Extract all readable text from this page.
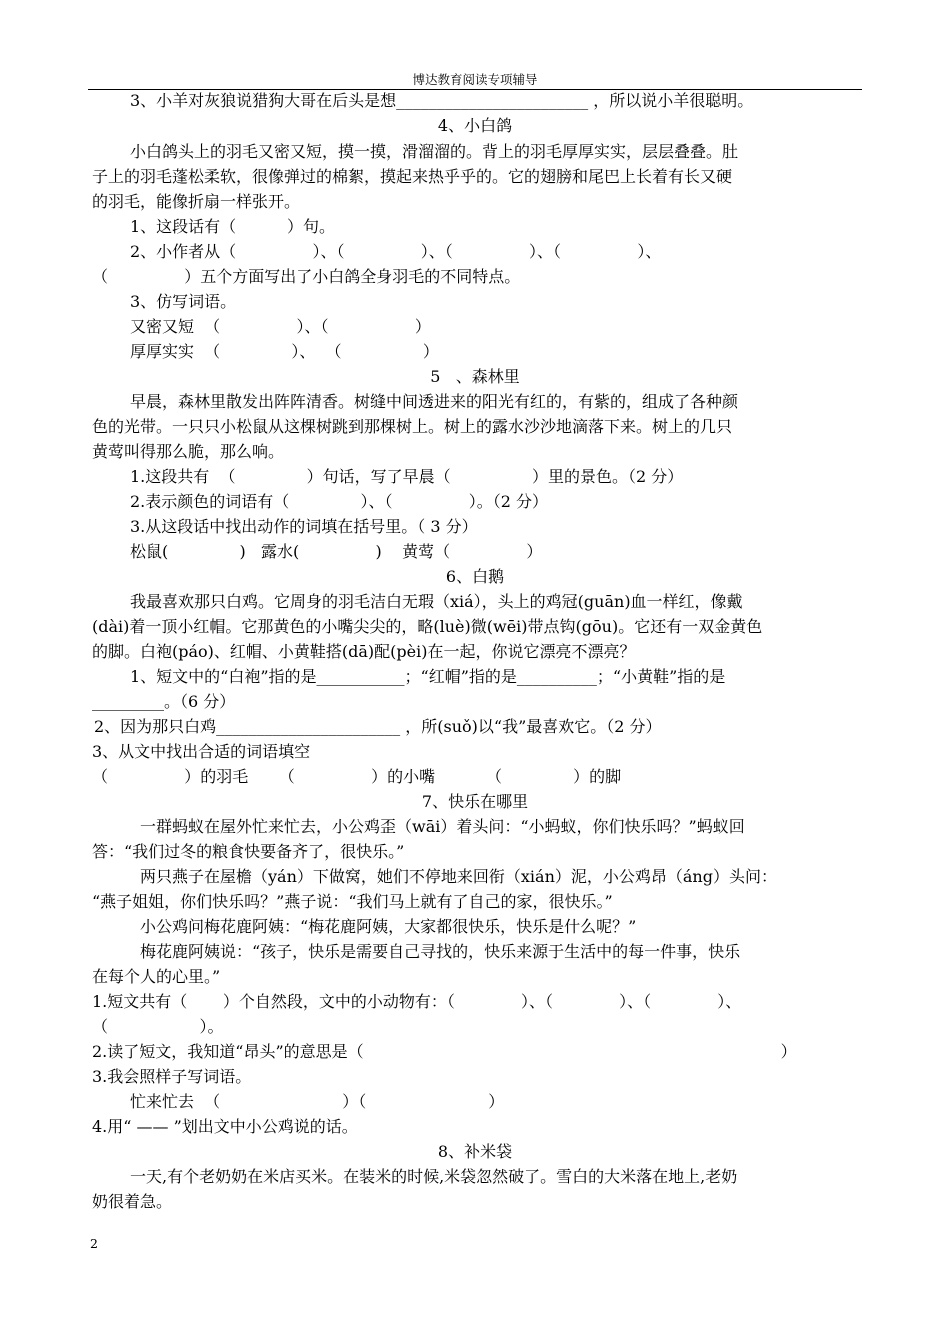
博达教育阅读专项辅导
3、小羊对灰狼说猎狗大哥在后头是想________________________ ，所以说小羊很聪明。
4、小白鸽
小白鸽头上的羽毛又密又短，摸一摸，滑溜溜的。背上的羽毛厚厚实实，层层叠叠。肚
子上的羽毛蓬松柔软，很像弹过的棉絮，摸起来热乎乎的。它的翅膀和尾巴上长着有长又硬
的羽毛，能像折扇一样张开。
1、这段话有（          ）句。
2、小作者从（               ）、（               ）、（               ）、（               ）、
（               ）五个方面写出了小白鸽全身羽毛的不同特点。
3、仿写词语。
又密又短  （               ）、（                 ）
厚厚实实  （              ）、  （                ）
5   、森林里
早晨，森林里散发出阵阵清香。树缝中间透进来的阳光有红的，有紫的，组成了各种颜
色的光带。一只只小松鼠从这棵树跳到那棵树上。树上的露水沙沙地滴落下来。树上的几只
黄莺叫得那么脆，那么响。
1.这段共有  （              ）句话，写了早晨（                ）里的景色。（2 分）
2.表示颜色的词语有（              ）、（               ）。（2 分）
3.从这段话中找出动作的词填在括号里。（ 3 分）
松鼠(              )   露水(               )    黄莺（               ）
6、白鹅
我最喜欢那只白鸡。它周身的羽毛洁白无瑕（xiá），头上的鸡冠(guān)血一样红，像戴
(dài)着一顶小红帽。它那黄色的小嘴尖尖的，略(luè)微(wēi)带点钩(gōu)。它还有一双金黄色
的脚。白袍(páo)、红帽、小黄鞋搭(dā)配(pèi)在一起，你说它漂亮不漂亮？
1、短文中的“白袍”指的是___________；“红帽”指的是__________；“小黄鞋”指的是
_________。（6 分）
2、因为那只白鸡_______________________ ，所(suǒ)以“我”最喜欢它。（2 分）
3、从文中找出合适的词语填空
（               ）的羽毛      （               ）的小嘴          （              ）的脚
7、快乐在哪里
一群蚂蚁在屋外忙来忙去，小公鸡歪（wāi）着头问：“小蚂蚁，你们快乐吗？”蚂蚁回
答：“我们过冬的粮食快要备齐了，很快乐。”
两只燕子在屋檐（yán）下做窝，她们不停地来回衔（xián）泥，小公鸡昂（áng）头问：
“燕子姐姐，你们快乐吗？”燕子说：“我们马上就有了自己的家，很快乐。”
小公鸡问梅花鹿阿姨：“梅花鹿阿姨，大家都很快乐，快乐是什么呢？”
梅花鹿阿姨说：“孩子，快乐是需要自己寻找的，快乐来源于生活中的每一件事，快乐
在每个人的心里。”
1.短文共有（       ）个自然段，文中的小动物有：（             ）、（             ）、（             ）、
（                  ）。
2.读了短文，我知道“昂头”的意思是（                                                                                  ）
3.我会照样子写词语。
忙来忙去  （                        ）（                        ）
4.用“ —— ”划出文中小公鸡说的话。
8、补米袋
一天,有个老奶奶在米店买米。在装米的时候,米袋忽然破了。雪白的大米落在地上,老奶
奶很着急。
2
